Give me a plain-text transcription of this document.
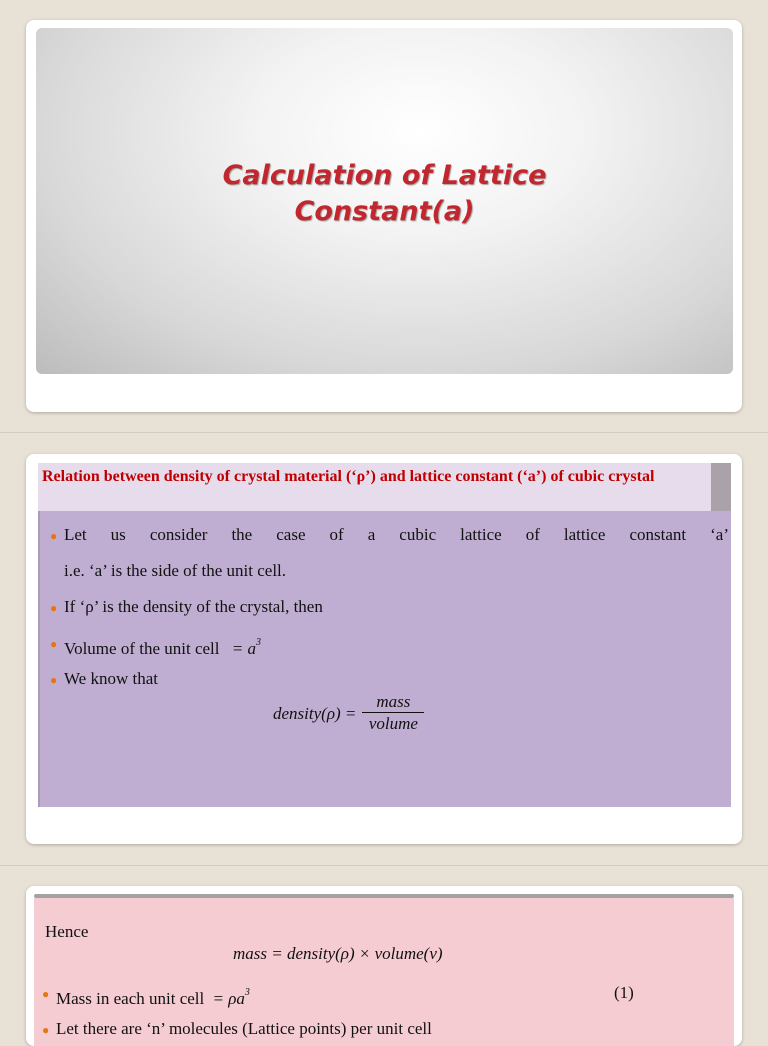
Calculation of Lattice
Constant(a)
Relation between density of crystal material (‘ρ’) and lattice constant (‘a’) of cubic crystal
● Let us consider the case of a cubic lattice of lattice constant ‘a’
i.e. ‘a’ is the side of the unit cell.
● If ‘ρ’ is the density of the crystal, then
● Volume of the unit cell = $a^3$
● We know that
density(ρ) = $\frac{\text{mass}}{\text{volume}}$
Hence
mass = density(ρ) × volume(v)
● Mass in each unit cell = $\rho a^3$	(1)
● Let there are ‘n’ molecules (Lattice points) per unit cell
